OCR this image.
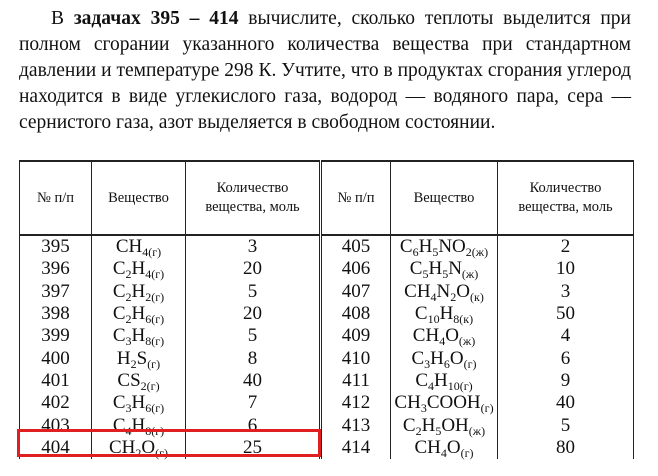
В задачах 395 – 414 вычислите, сколько теплоты выделится при полном сгорании указанного количества вещества при стандартном давлении и температуре 298 К. Учтите, что в продуктах сгорания углерод находится в виде углекислого газа, водород — водяного пара, сера — сернистого газа, азот выделяется в свободном состоянии.
№ п/п	Вещество	Количество вещества, моль	№ п/п	Вещество	Количество вещества, моль
395	$CH_{4(г)}$	3	405	$C_6H_5NO_{2(ж)}$	2
396	$C_2H_{4(г)}$	20	406	$C_5H_5N_{(ж)}$	10
397	$C_2H_{2(г)}$	5	407	$CH_4N_2O_{(к)}$	3
398	$C_2H_{6(г)}$	20	408	$C_{10}H_{8(к)}$	50
399	$C_3H_{8(г)}$	5	409	$CH_4O_{(ж)}$	4
400	$H_2S_{(г)}$	8	410	$C_3H_6O_{(г)}$	6
401	$CS_{2(г)}$	40	411	$C_4H_{10(г)}$	9
402	$C_3H_{6(г)}$	7	412	$CH_3COOH_{(г)}$	40
403	$C_4H_{8(г)}$	6	413	$C_2H_5OH_{(ж)}$	5
404	$CH_2O_{(г)}$	25	414	$CH_4O_{(г)}$	80
